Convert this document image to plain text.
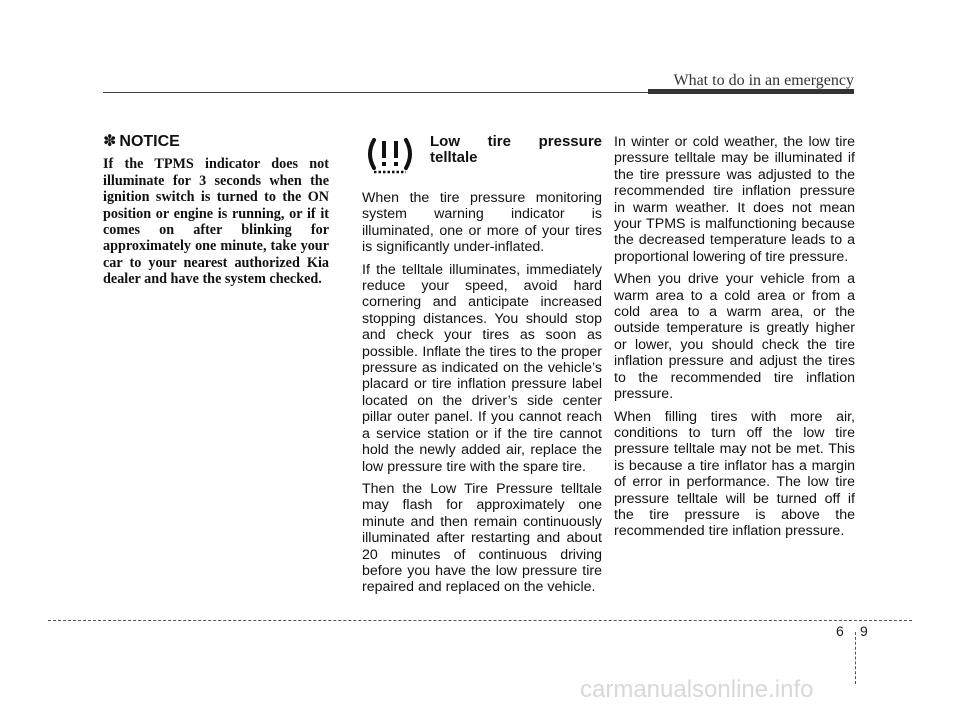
What to do in an emergency
✽ NOTICE

If the TPMS indicator does not illuminate for 3 seconds when the ignition switch is turned to the ON position or engine is running, or if it comes on after blinking for approximately one minute, take your car to your nearest authorized Kia dealer and have the system checked.

Low tire pressure telltale

When the tire pressure monitoring system warning indicator is illuminated, one or more of your tires is significantly under-inflated.

If the telltale illuminates, immediately reduce your speed, avoid hard cornering and anticipate increased stopping distances. You should stop and check your tires as soon as possible. Inflate the tires to the proper pressure as indicated on the vehicle’s placard or tire inflation pressure label located on the driver’s side center pillar outer panel. If you cannot reach a service station or if the tire cannot hold the newly added air, replace the low pressure tire with the spare tire.

Then the Low Tire Pressure telltale may flash for approximately one minute and then remain continuously illuminated after restarting and about 20 minutes of continuous driving before you have the low pressure tire repaired and replaced on the vehicle.

In winter or cold weather, the low tire pressure telltale may be illuminated if the tire pressure was adjusted to the recommended tire inflation pressure in warm weather. It does not mean your TPMS is malfunctioning because the decreased temperature leads to a proportional lowering of tire pressure.

When you drive your vehicle from a warm area to a cold area or from a cold area to a warm area, or the outside temperature is greatly higher or lower, you should check the tire inflation pressure and adjust the tires to the recommended tire inflation pressure.

When filling tires with more air, conditions to turn off the low tire pressure telltale may not be met. This is because a tire inflator has a margin of error in performance. The low tire pressure telltale will be turned off if the tire pressure is above the recommended tire inflation pressure.

6 9
carmanualsonline.info
